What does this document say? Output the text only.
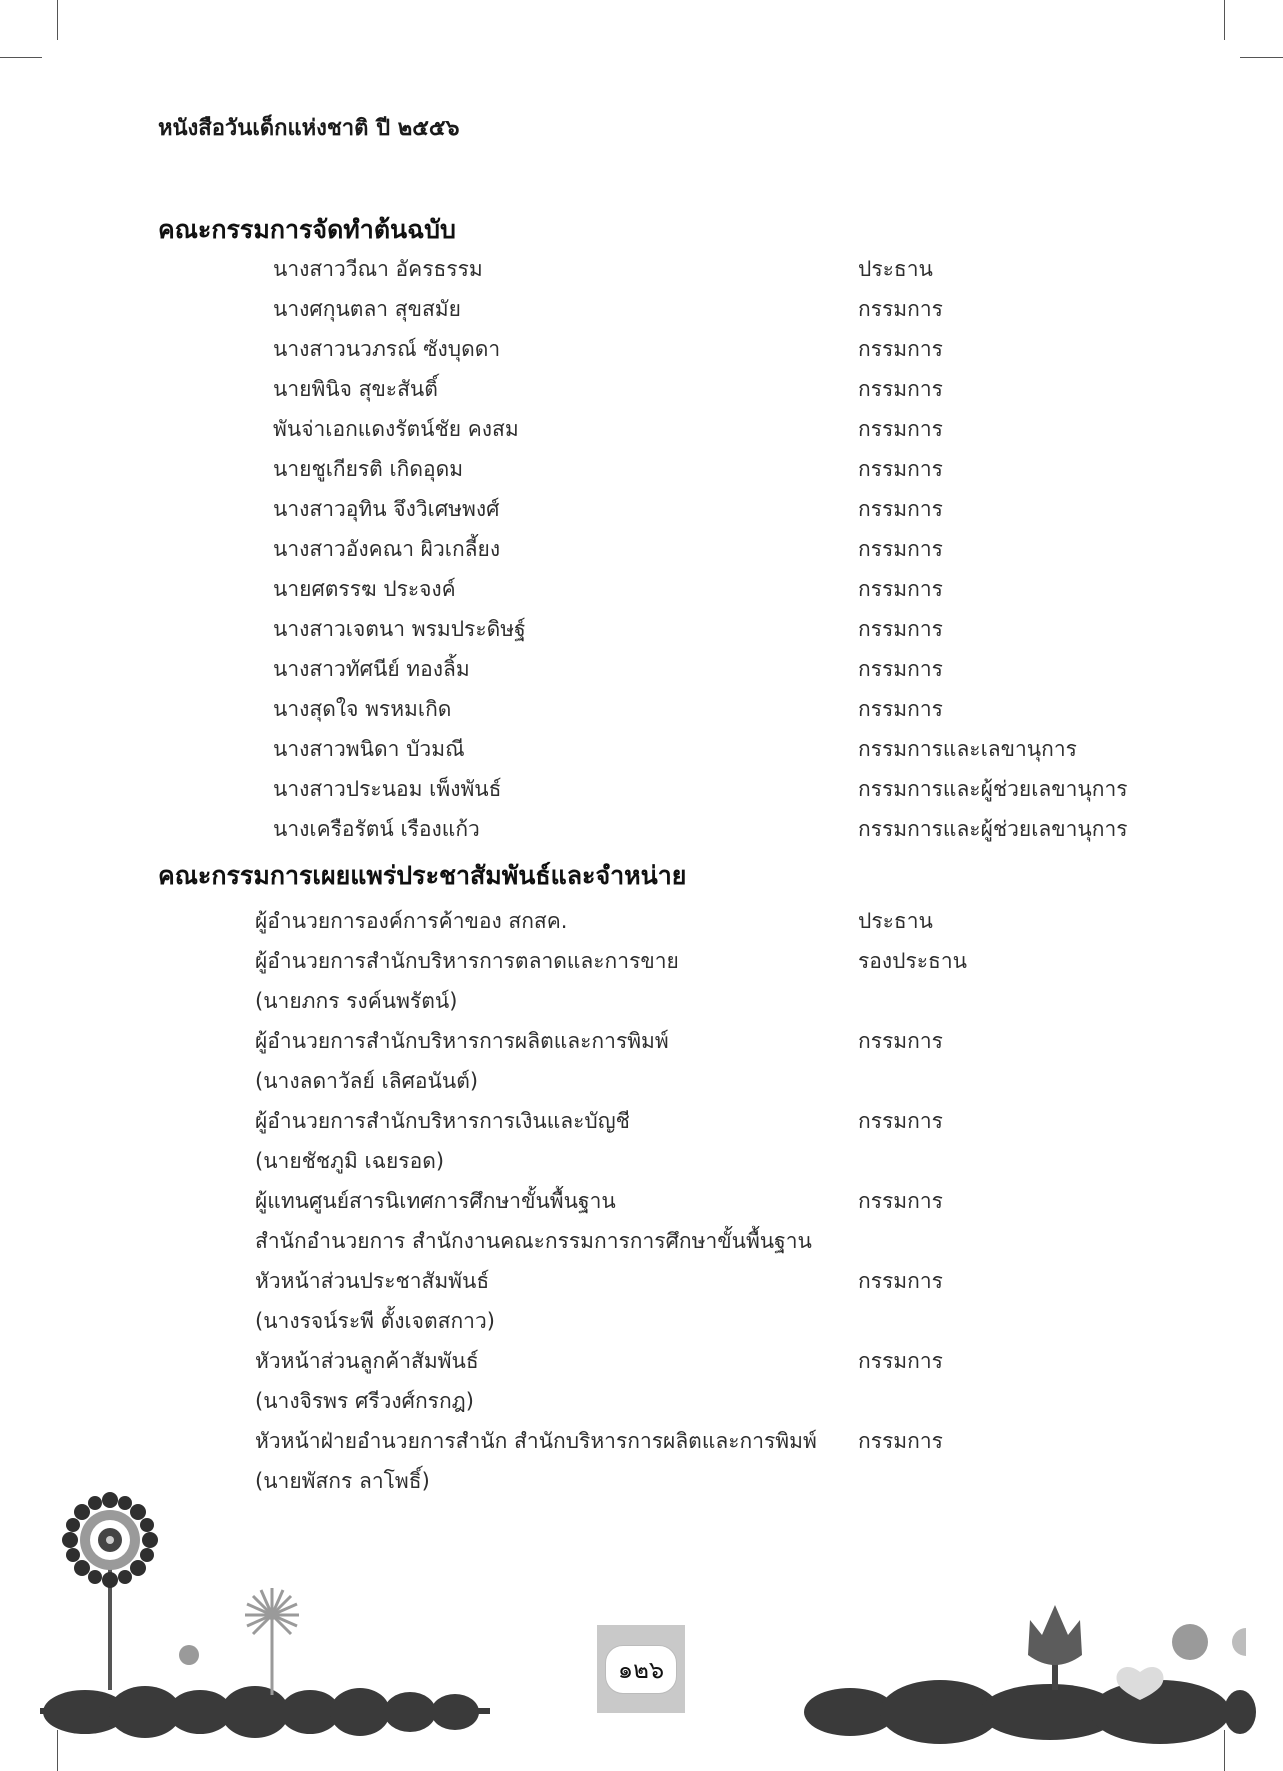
หนังสือวันเด็กแห่งชาติ ปี ๒๕๕๖
คณะกรรมการจัดทำต้นฉบับ
นางสาววีณา อัครธรรม	ประธาน
นางศกุนตลา สุขสมัย	กรรมการ
นางสาวนวภรณ์ ซังบุดดา	กรรมการ
นายพินิจ สุขะสันติ์	กรรมการ
พันจ่าเอกแดงรัตน์ชัย คงสม	กรรมการ
นายชูเกียรติ เกิดอุดม	กรรมการ
นางสาวอุทิน จึงวิเศษพงศ์	กรรมการ
นางสาวอังคณา ผิวเกลี้ยง	กรรมการ
นายศตรรฆ ประจงค์	กรรมการ
นางสาวเจตนา พรมประดิษฐ์	กรรมการ
นางสาวทัศนีย์ ทองลิ้ม	กรรมการ
นางสุดใจ พรหมเกิด	กรรมการ
นางสาวพนิดา บัวมณี	กรรมการและเลขานุการ
นางสาวประนอม เพ็งพันธ์	กรรมการและผู้ช่วยเลขานุการ
นางเครือรัตน์ เรืองแก้ว	กรรมการและผู้ช่วยเลขานุการ
คณะกรรมการเผยแพร่ประชาสัมพันธ์และจำหน่าย
ผู้อำนวยการองค์การค้าของ สกสค.	ประธาน
ผู้อำนวยการสำนักบริหารการตลาดและการขาย	รองประธาน
(นายภกร รงค์นพรัตน์)
ผู้อำนวยการสำนักบริหารการผลิตและการพิมพ์	กรรมการ
(นางลดาวัลย์ เลิศอนันต์)
ผู้อำนวยการสำนักบริหารการเงินและบัญชี	กรรมการ
(นายชัชภูมิ เฉยรอด)
ผู้แทนศูนย์สารนิเทศการศึกษาขั้นพื้นฐาน	กรรมการ
สำนักอำนวยการ สำนักงานคณะกรรมการการศึกษาขั้นพื้นฐาน
หัวหน้าส่วนประชาสัมพันธ์	กรรมการ
(นางรจน์ระพี ตั้งเจตสกาว)
หัวหน้าส่วนลูกค้าสัมพันธ์	กรรมการ
(นางจิรพร ศรีวงศ์กรกฎ)
หัวหน้าฝ่ายอำนวยการสำนัก สำนักบริหารการผลิตและการพิมพ์ กรรมการ
(นายพัสกร ลาโพธิ์)
๑๒๖
